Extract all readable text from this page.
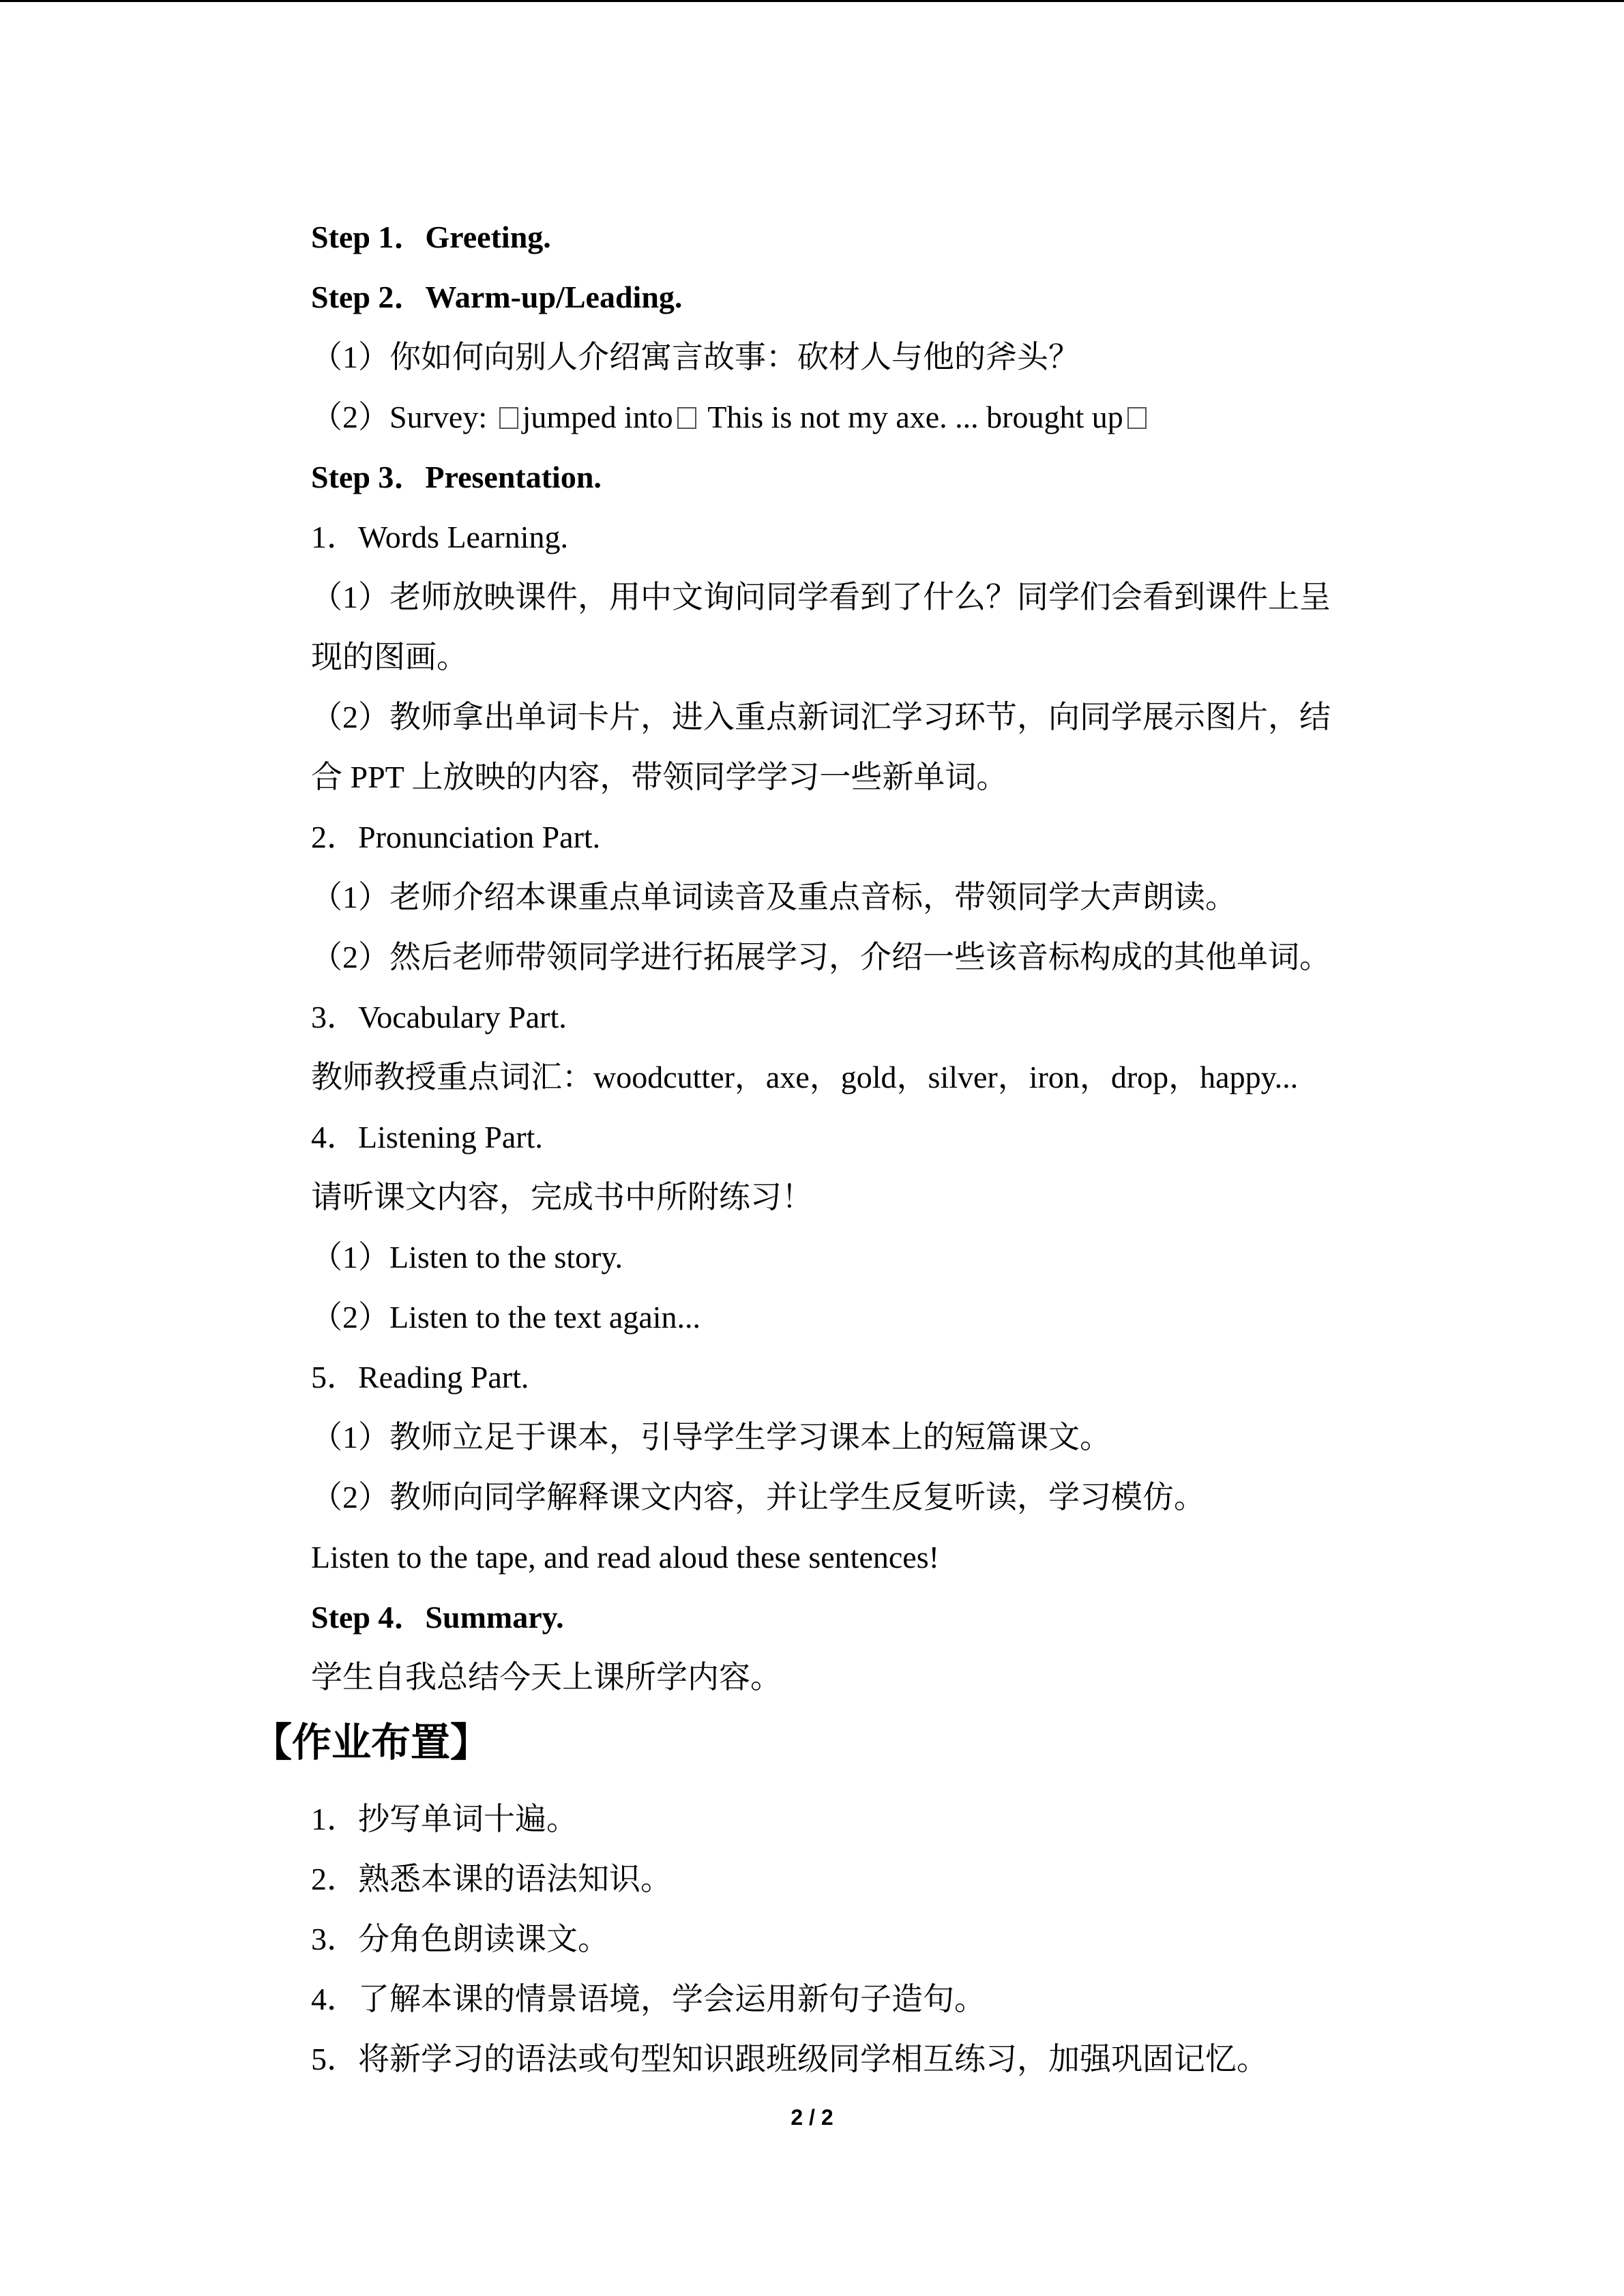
Step 1．Greeting.
Step 2．Warm-up/Leading.
（1）你如何向别人介绍寓言故事：砍材人与他的斧头？
（2）Survey: jumped into This is not my axe. ... brought up
Step 3．Presentation.
1．Words Learning.
（1）老师放映课件，用中文询问同学看到了什么？同学们会看到课件上呈
现的图画。
（2）教师拿出单词卡片，进入重点新词汇学习环节，向同学展示图片，结
合 PPT 上放映的内容，带领同学学习一些新单词。
2．Pronunciation Part.
（1）老师介绍本课重点单词读音及重点音标，带领同学大声朗读。
（2）然后老师带领同学进行拓展学习，介绍一些该音标构成的其他单词。
3．Vocabulary Part.
教师教授重点词汇：woodcutter，axe，gold，silver，iron，drop，happy...
4．Listening Part.
请听课文内容，完成书中所附练习！
（1）Listen to the story.
（2）Listen to the text again...
5．Reading Part.
（1）教师立足于课本，引导学生学习课本上的短篇课文。
（2）教师向同学解释课文内容，并让学生反复听读，学习模仿。
Listen to the tape, and read aloud these sentences!
Step 4．Summary.
学生自我总结今天上课所学内容。
【作业布置】
1．抄写单词十遍。
2．熟悉本课的语法知识。
3．分角色朗读课文。
4．了解本课的情景语境，学会运用新句子造句。
5．将新学习的语法或句型知识跟班级同学相互练习，加强巩固记忆。
2 / 2
